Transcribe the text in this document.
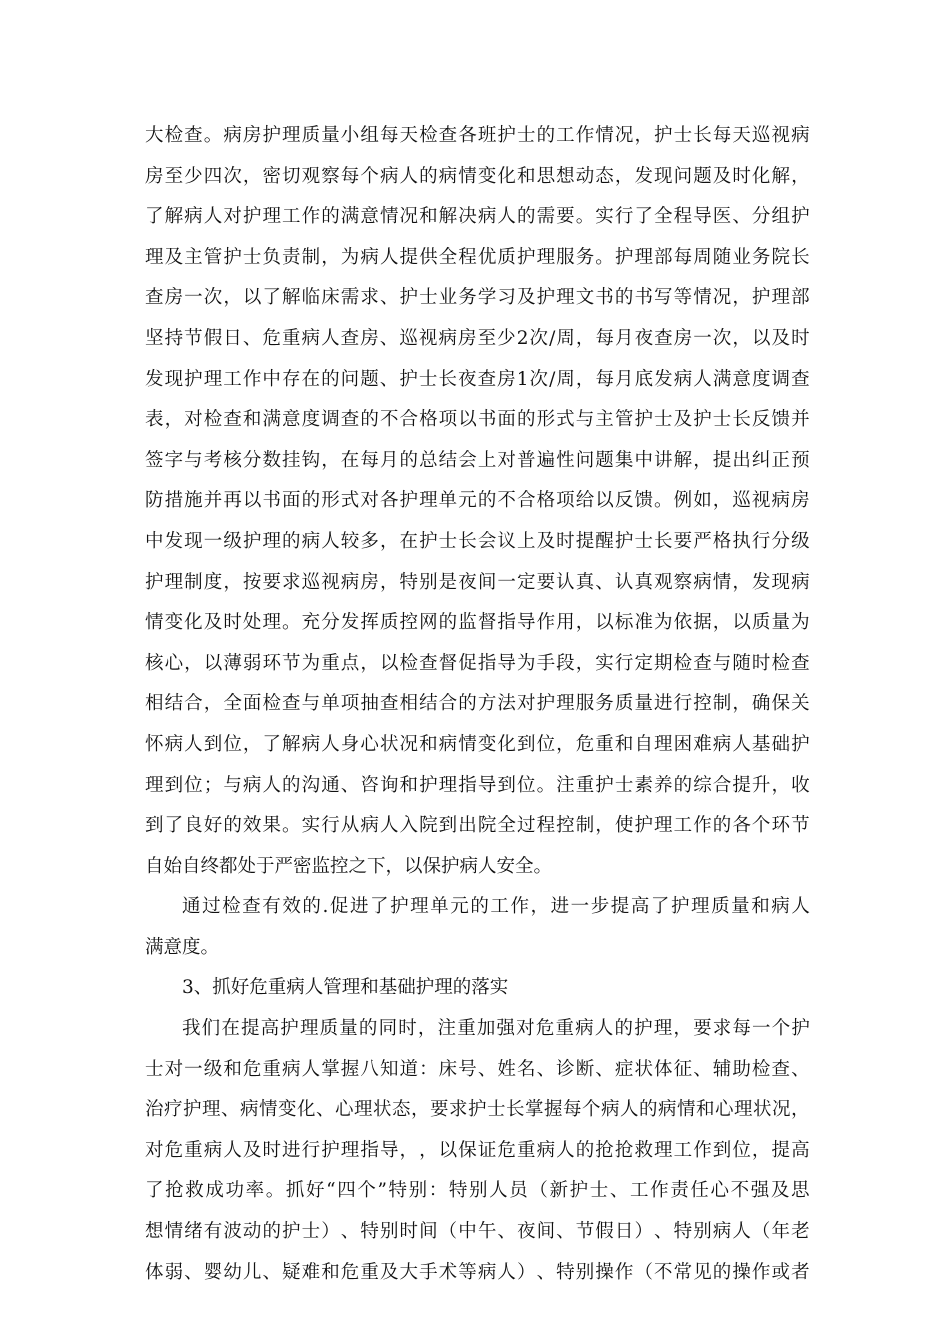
大 检 查 。 病 房 护 理 质 量 小 组 每 天 检 查 各 班 护 士 的 工 作 情 况 ， 护 士 长 每 天 巡 视 病
房 至 少 四 次 ， 密 切 观 察 每 个 病 人 的 病 情 变 化 和 思 想 动 态 ， 发 现 问 题 及 时 化 解 ，
了 解 病 人 对 护 理 工 作 的 满 意 情 况 和 解 决 病 人 的 需 要 。 实 行 了 全 程 导 医 、 分 组 护
理 及 主 管 护 士 负 责 制 ， 为 病 人 提 供 全 程 优 质 护 理 服 务 。 护 理 部 每 周 随 业 务 院 长
查 房 一 次 ， 以 了 解 临 床 需 求 、 护 士 业 务 学 习 及 护 理 文 书 的 书 写 等 情 况 ， 护 理 部
坚 持 节 假 日 、 危 重 病 人 查 房 、 巡 视 病 房 至 少 2 次 / 周 ， 每 月 夜 查 房 一 次 ， 以 及 时
发 现 护 理 工 作 中 存 在 的 问 题 、 护 士 长 夜 查 房 1 次 / 周 ， 每 月 底 发 病 人 满 意 度 调 查
表 ， 对 检 查 和 满 意 度 调 查 的 不 合 格 项 以 书 面 的 形 式 与 主 管 护 士 及 护 士 长 反 馈 并
签 字 与 考 核 分 数 挂 钩 ， 在 每 月 的 总 结 会 上 对 普 遍 性 问 题 集 中 讲 解 ， 提 出 纠 正 预
防 措 施 并 再 以 书 面 的 形 式 对 各 护 理 单 元 的 不 合 格 项 给 以 反 馈 。 例 如 ， 巡 视 病 房
中 发 现 一 级 护 理 的 病 人 较 多 ， 在 护 士 长 会 议 上 及 时 提 醒 护 士 长 要 严 格 执 行 分 级
护 理 制 度 ， 按 要 求 巡 视 病 房 ， 特 别 是 夜 间 一 定 要 认 真 、 认 真 观 察 病 情 ， 发 现 病
情 变 化 及 时 处 理 。 充 分 发 挥 质 控 网 的 监 督 指 导 作 用 ， 以 标 准 为 依 据 ， 以 质 量 为
核 心 ， 以 薄 弱 环 节 为 重 点 ， 以 检 查 督 促 指 导 为 手 段 ， 实 行 定 期 检 查 与 随 时 检 查
相 结 合 ， 全 面 检 查 与 单 项 抽 查 相 结 合 的 方 法 对 护 理 服 务 质 量 进 行 控 制 ， 确 保 关
怀 病 人 到 位 ， 了 解 病 人 身 心 状 况 和 病 情 变 化 到 位 ， 危 重 和 自 理 困 难 病 人 基 础 护
理 到 位 ； 与 病 人 的 沟 通 、 咨 询 和 护 理 指 导 到 位 。 注 重 护 士 素 养 的 综 合 提 升 ， 收
到 了 良 好 的 效 果 。 实 行 从 病 人 入 院 到 出 院 全 过 程 控 制 ， 使 护 理 工 作 的 各 个 环 节
自始自终都处于严密监控之下，以保护病人安全。
通 过 检 查 有 效 的 . 促 进 了 护 理 单 元 的 工 作 ， 进 一 步 提 高 了 护 理 质 量 和 病 人
满意度。
3、抓好危重病人管理和基础护理的落实
我 们 在 提 高 护 理 质 量 的 同 时 ， 注 重 加 强 对 危 重 病 人 的 护 理 ， 要 求 每 一 个 护
士 对 一 级 和 危 重 病 人 掌 握 八 知 道 ： 床 号 、 姓 名 、 诊 断 、 症 状 体 征 、 辅 助 检 查 、
治 疗 护 理 、 病 情 变 化 、 心 理 状 态 ， 要 求 护 士 长 掌 握 每 个 病 人 的 病 情 和 心 理 状 况 ，
对 危 重 病 人 及 时 进 行 护 理 指 导 ， ， 以 保 证 危 重 病 人 的 抢 抢 救 理 工 作 到 位 ， 提 高
了 抢 救 成 功 率 。 抓 好 “ 四 个 ” 特 别 ： 特 别 人 员 （ 新 护 士 、 工 作 责 任 心 不 强 及 思
想 情 绪 有 波 动 的 护 士 ） 、 特 别 时 间 （ 中 午 、 夜 间 、 节 假 日 ） 、 特 别 病 人 （ 年 老
体 弱 、 婴 幼 儿 、 疑 难 和 危 重 及 大 手 术 等 病 人 ） 、 特 别 操 作 （ 不 常 见 的 操 作 或 者
